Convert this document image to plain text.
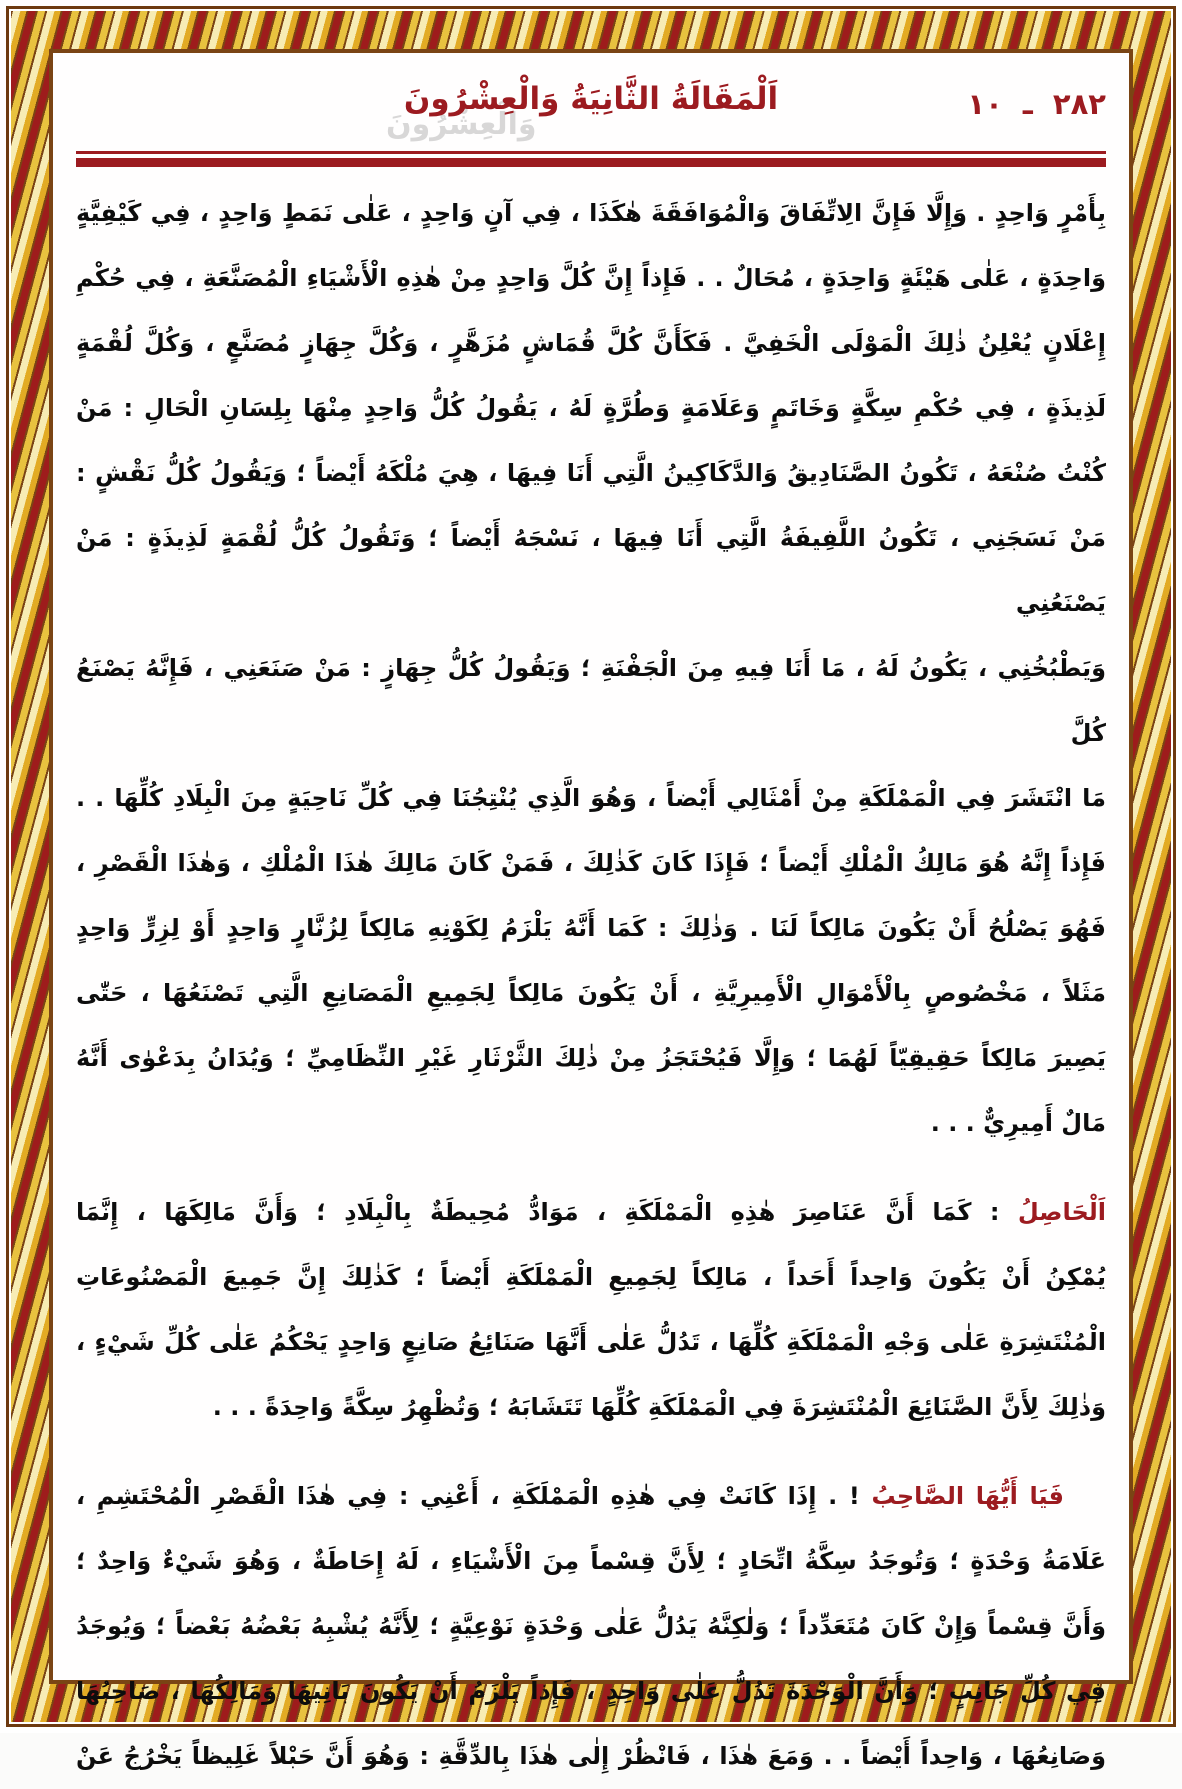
وَالْعِشْرُونَ
٢٨٢ ـ ١٠
اَلْمَقَالَةُ الثَّانِيَةُ وَالْعِشْرُونَ
بِأَمْرٍ وَاحِدٍ . وَإِلَّا فَإِنَّ الِاتِّفَاقَ وَالْمُوَافَقَةَ هٰكَذَا ، فِي آنٍ وَاحِدٍ ، عَلٰى نَمَطٍ وَاحِدٍ ، فِي كَيْفِيَّةٍ
وَاحِدَةٍ ، عَلٰى هَيْئَةٍ وَاحِدَةٍ ، مُحَالٌ . . فَإِذاً إِنَّ كُلَّ وَاحِدٍ مِنْ هٰذِهِ الْأَشْيَاءِ الْمُصَنَّعَةِ ، فِي حُكْمِ
إِعْلَانٍ يُعْلِنُ ذٰلِكَ الْمَوْلَى الْخَفِيَّ . فَكَأَنَّ كُلَّ قُمَاشٍ مُزَهَّرٍ ، وَكُلَّ جِهَازٍ مُصَنَّعٍ ، وَكُلَّ لُقْمَةٍ
لَذِيذَةٍ ، فِي حُكْمِ سِكَّةٍ وَخَاتَمٍ وَعَلَامَةٍ وَطُرَّةٍ لَهُ ، يَقُولُ كُلُّ وَاحِدٍ مِنْهَا بِلِسَانِ الْحَالِ : مَنْ
كُنْتُ صُنْعَهُ ، تَكُونُ الصَّنَادِيقُ وَالدَّكَاكِينُ الَّتِي أَنَا فِيهَا ، هِيَ مُلْكَهُ أَيْضاً ؛ وَيَقُولُ كُلُّ نَقْشٍ :
مَنْ نَسَجَنِي ، تَكُونُ اللَّفِيفَةُ الَّتِي أَنَا فِيهَا ، نَسْجَهُ أَيْضاً ؛ وَتَقُولُ كُلُّ لُقْمَةٍ لَذِيذَةٍ : مَنْ يَصْنَعُنِي
وَيَطْبُخُنِي ، يَكُونُ لَهُ ، مَا أَنَا فِيهِ مِنَ الْجَفْنَةِ ؛ وَيَقُولُ كُلُّ جِهَازٍ : مَنْ صَنَعَنِي ، فَإِنَّهُ يَصْنَعُ كُلَّ
مَا انْتَشَرَ فِي الْمَمْلَكَةِ مِنْ أَمْثَالِي أَيْضاً ، وَهُوَ الَّذِي يُنْتِجُنَا فِي كُلِّ نَاحِيَةٍ مِنَ الْبِلَادِ كُلِّهَا . .
فَإِذاً إِنَّهُ هُوَ مَالِكُ الْمُلْكِ أَيْضاً ؛ فَإِذَا كَانَ كَذٰلِكَ ، فَمَنْ كَانَ مَالِكَ هٰذَا الْمُلْكِ ، وَهٰذَا الْقَصْرِ ،
فَهُوَ يَصْلُحُ أَنْ يَكُونَ مَالِكاً لَنَا . وَذٰلِكَ : كَمَا أَنَّهُ يَلْزَمُ لِكَوْنِهِ مَالِكاً لِزُنَّارٍ وَاحِدٍ أَوْ لِزِرٍّ وَاحِدٍ
مَثَلاً ، مَخْصُوصٍ بِالْأَمْوَالِ الْأَمِيرِيَّةِ ، أَنْ يَكُونَ مَالِكاً لِجَمِيعِ الْمَصَانِعِ الَّتِي تَصْنَعُهَا ، حَتّٰى
يَصِيرَ مَالِكاً حَقِيقِيّاً لَهُمَا ؛ وَإِلَّا فَيُحْتَجَزُ مِنْ ذٰلِكَ الثَّرْثَارِ غَيْرِ النِّظَامِيِّ ؛ وَيُدَانُ بِدَعْوٰى أَنَّهُ
مَالٌ أَمِيرِيٌّ . . .
اَلْحَاصِلُ : كَمَا أَنَّ عَنَاصِرَ هٰذِهِ الْمَمْلَكَةِ ، مَوَادُّ مُحِيطَةٌ بِالْبِلَادِ ؛ وَأَنَّ مَالِكَهَا ، إِنَّمَا
يُمْكِنُ أَنْ يَكُونَ وَاحِداً أَحَداً ، مَالِكاً لِجَمِيعِ الْمَمْلَكَةِ أَيْضاً ؛ كَذٰلِكَ إِنَّ جَمِيعَ الْمَصْنُوعَاتِ
الْمُنْتَشِرَةِ عَلٰى وَجْهِ الْمَمْلَكَةِ كُلِّهَا ، تَدُلُّ عَلٰى أَنَّهَا صَنَائِعُ صَانِعٍ وَاحِدٍ يَحْكُمُ عَلٰى كُلِّ شَيْءٍ ،
وَذٰلِكَ لِأَنَّ الصَّنَائِعَ الْمُنْتَشِرَةَ فِي الْمَمْلَكَةِ كُلِّهَا تَتَشَابَهُ ؛ وَتُظْهِرُ سِكَّةً وَاحِدَةً . . .
فَيَا أَيُّهَا الصَّاحِبُ ! . إِذَا كَانَتْ فِي هٰذِهِ الْمَمْلَكَةِ ، أَعْنِي : فِي هٰذَا الْقَصْرِ الْمُحْتَشِمِ ،
عَلَامَةُ وَحْدَةٍ ؛ وَتُوجَدُ سِكَّةُ اتِّحَادٍ ؛ لِأَنَّ قِسْماً مِنَ الْأَشْيَاءِ ، لَهُ إِحَاطَةٌ ، وَهُوَ شَيْءٌ وَاحِدٌ ؛
وَأَنَّ قِسْماً وَإِنْ كَانَ مُتَعَدِّداً ؛ وَلٰكِنَّهُ يَدُلُّ عَلٰى وَحْدَةٍ نَوْعِيَّةٍ ؛ لِأَنَّهُ يُشْبِهُ بَعْضُهُ بَعْضاً ؛ وَيُوجَدُ
فِي كُلِّ جَانِبٍ ؛ وَأَنَّ الْوَحْدَةَ تَدُلُّ عَلٰى وَاحِدٍ ، فَإِذاً يَلْزَمُ أَنْ يَكُونَ بَانِيهَا وَمَالِكُهَا ، صَاحِبُهَا
وَصَانِعُهَا ، وَاحِداً أَيْضاً . . وَمَعَ هٰذَا ، فَانْظُرْ إِلٰى هٰذَا بِالدِّقَّةِ : وَهُوَ أَنَّ حَبْلاً غَلِيظاً يَخْرُجُ عَنْ
